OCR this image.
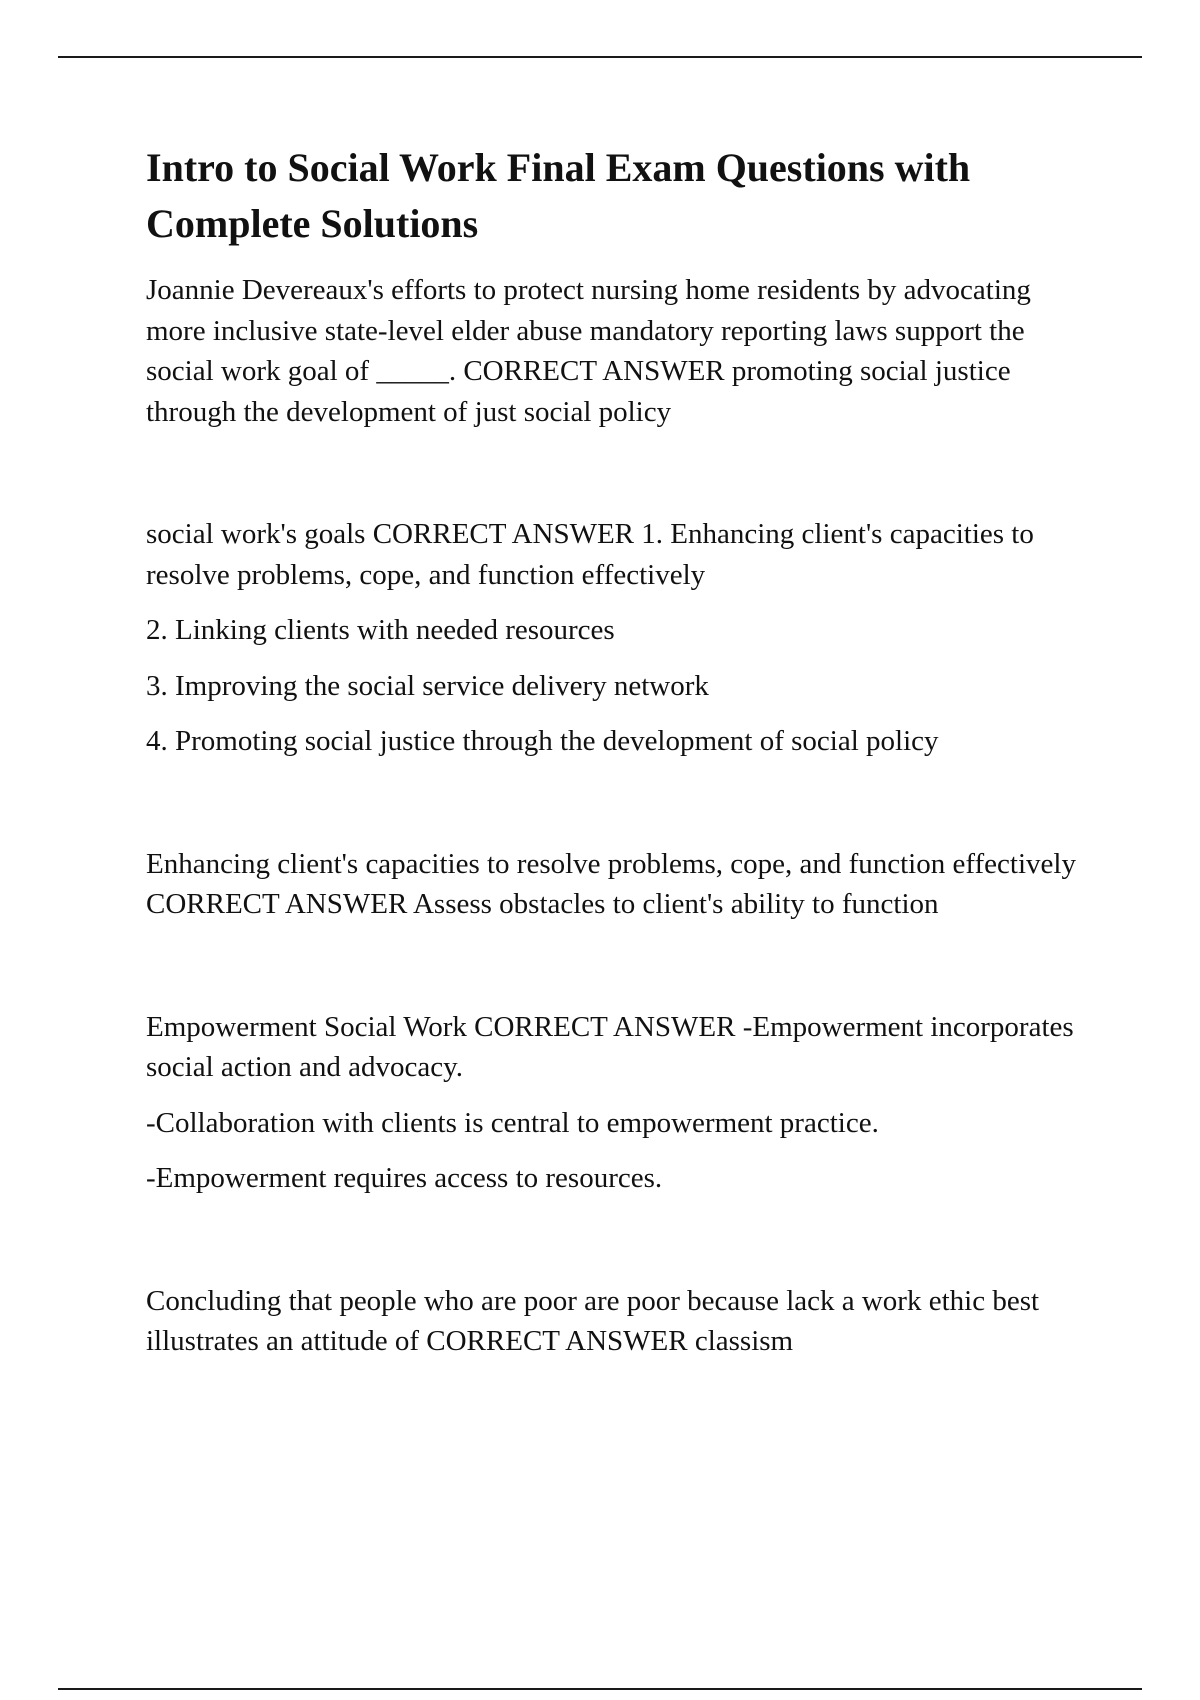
Intro to Social Work Final Exam Questions with Complete Solutions

Joannie Devereaux's efforts to protect nursing home residents by advocating more inclusive state-level elder abuse mandatory reporting laws support the social work goal of _____. CORRECT ANSWER promoting social justice through the development of just social policy

social work's goals CORRECT ANSWER 1. Enhancing client's capacities to resolve problems, cope, and function effectively

2. Linking clients with needed resources

3. Improving the social service delivery network

4. Promoting social justice through the development of social policy

Enhancing client's capacities to resolve problems, cope, and function effectively CORRECT ANSWER Assess obstacles to client's ability to function

Empowerment Social Work CORRECT ANSWER -Empowerment incorporates social action and advocacy.

-Collaboration with clients is central to empowerment practice.

-Empowerment requires access to resources.

Concluding that people who are poor are poor because lack a work ethic best illustrates an attitude of CORRECT ANSWER classism
